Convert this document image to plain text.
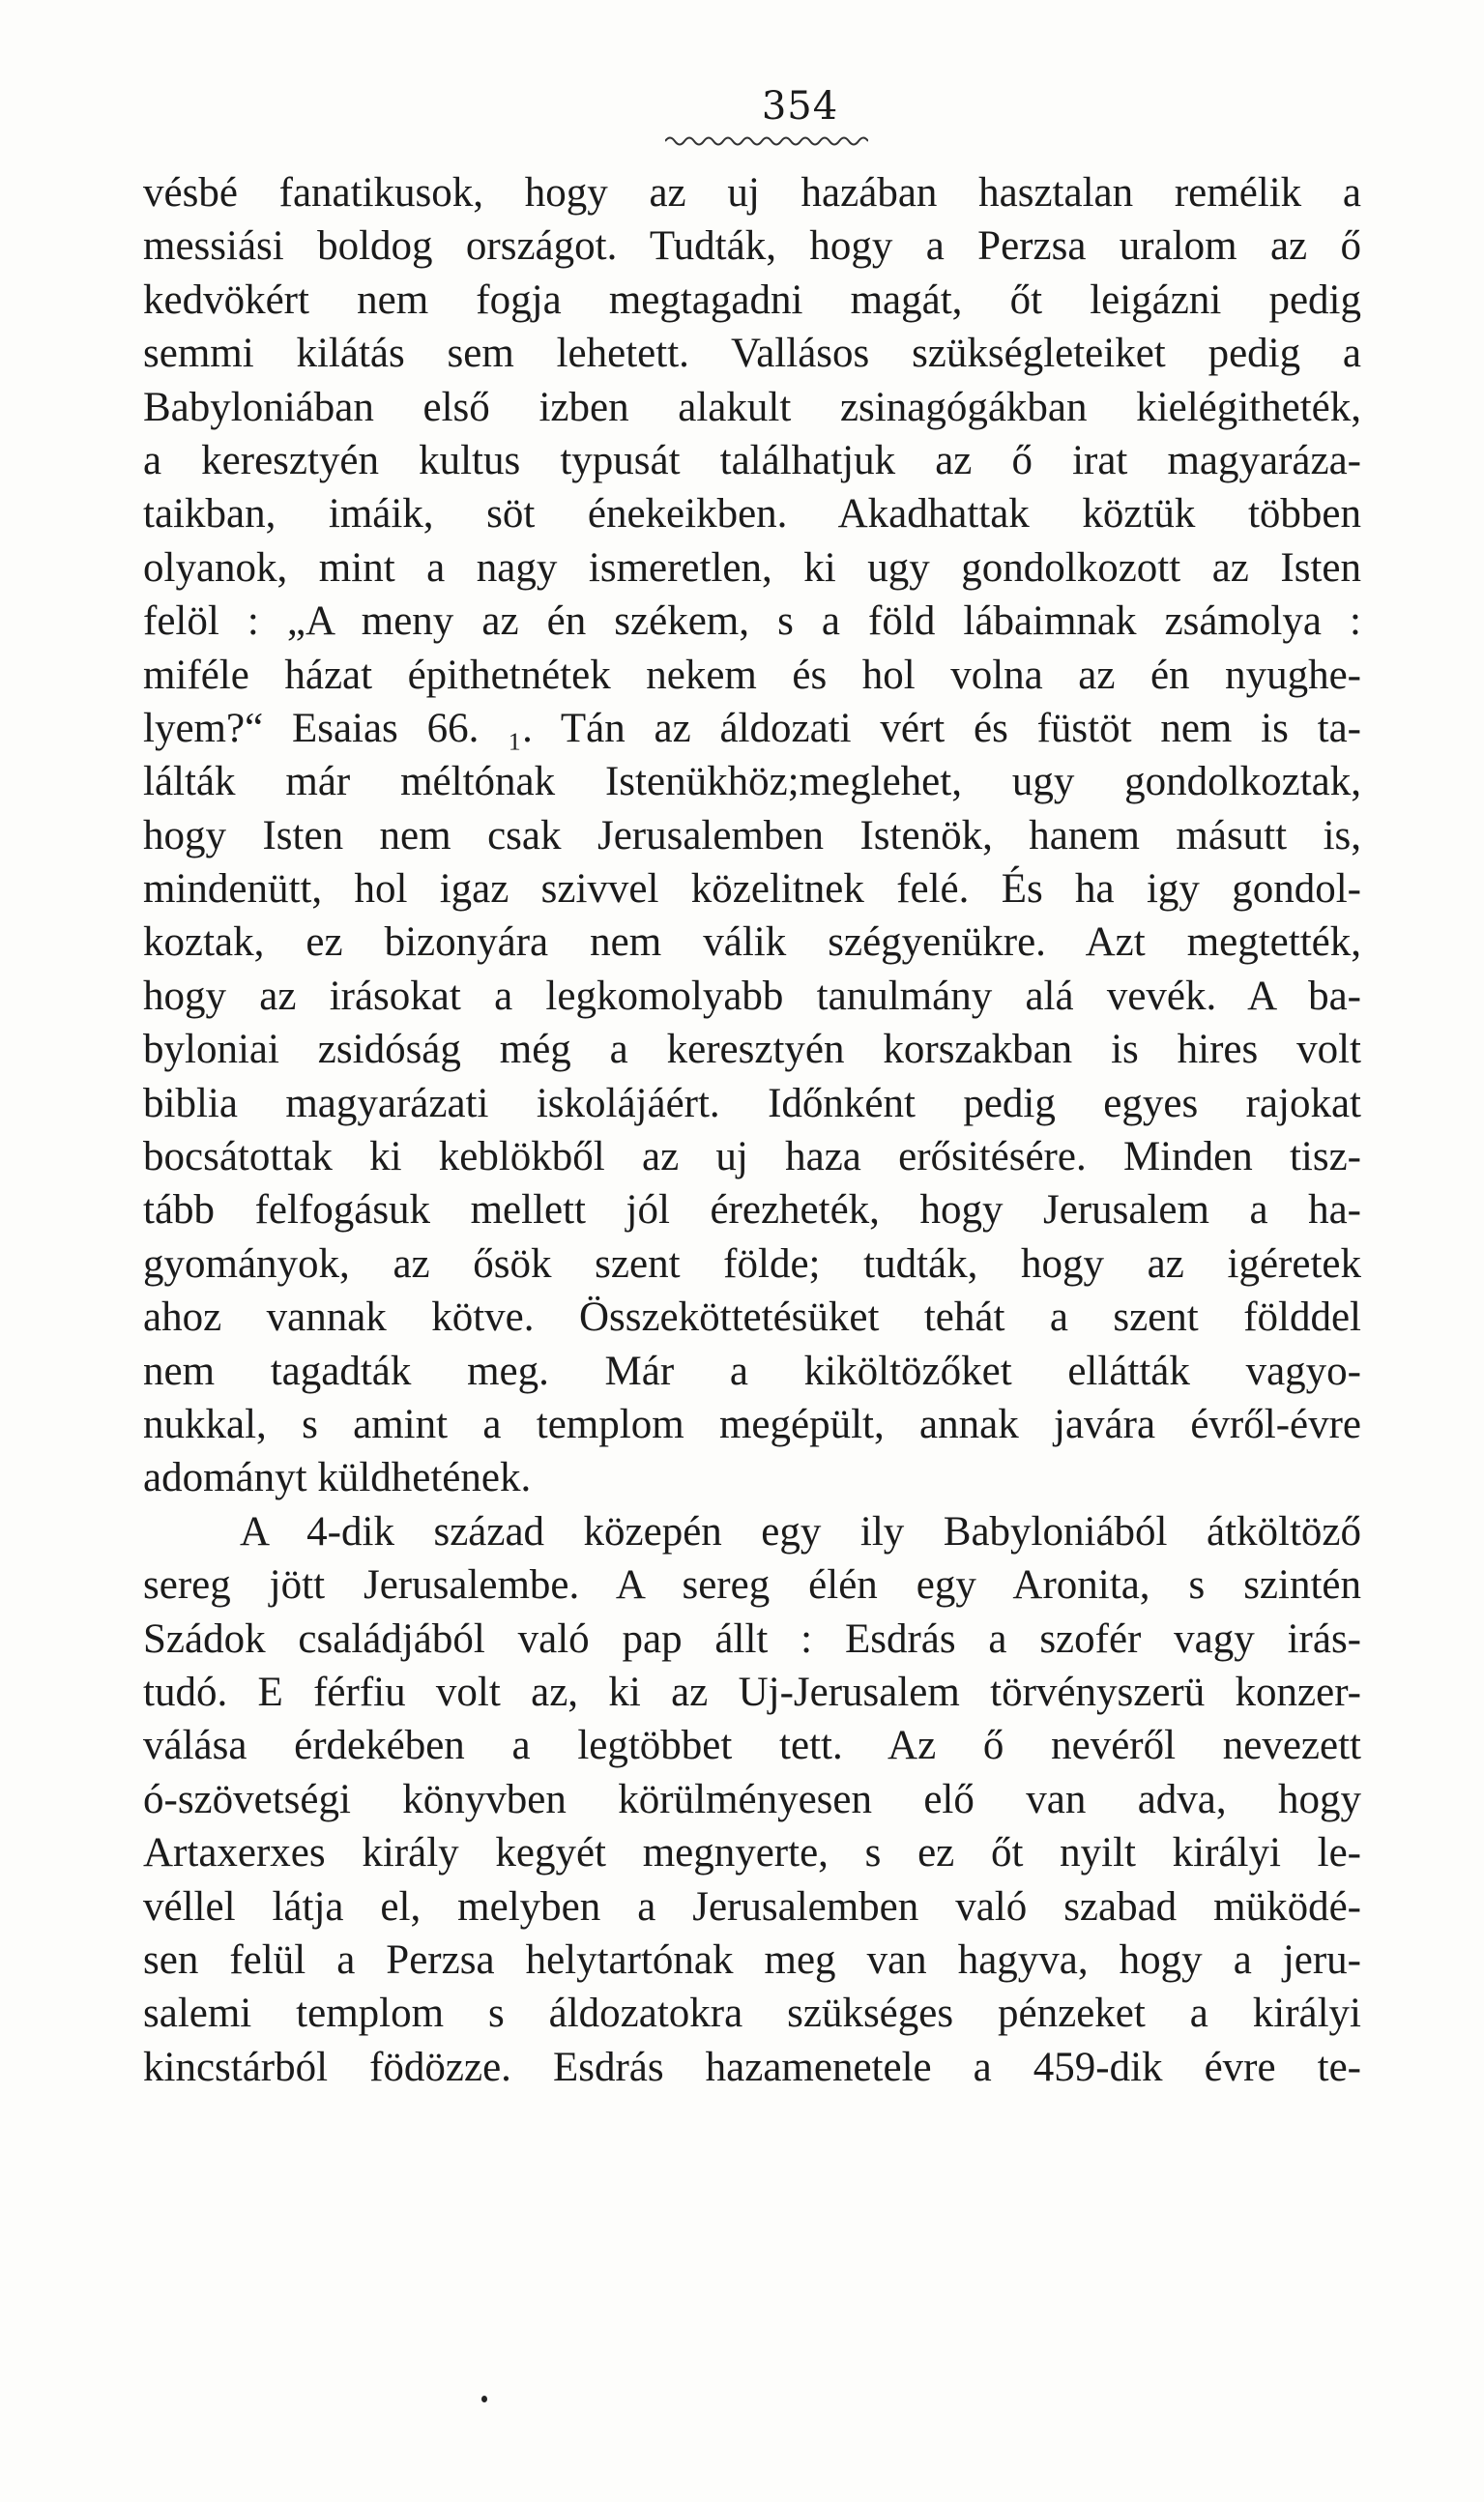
354
vésbé fanatikusok, hogy az uj hazában hasztalan remélik a
messiási boldog országot. Tudták, hogy a Perzsa uralom az ő
kedvökért nem fogja megtagadni magát, őt leigázni pedig
semmi kilátás sem lehetett. Vallásos szükségleteiket pedig a
Babyloniában első izben alakult zsinagógákban kielégitheték,
a keresztyén kultus typusát találhatjuk az ő irat magyaráza-
taikban, imáik, söt énekeikben. Akadhattak köztük többen
olyanok, mint a nagy ismeretlen, ki ugy gondolkozott az Isten
felöl : „A meny az én székem, s a föld lábaimnak zsámolya :
miféle házat épithetnétek nekem és hol volna az én nyughe-
lyem?“ Esaias 66. ₁. Tán az áldozati vért és füstöt nem is ta-
lálták már méltónak Istenükhöz;meglehet, ugy gondolkoztak,
hogy Isten nem csak Jerusalemben Istenök, hanem másutt is,
mindenütt, hol igaz szivvel közelitnek felé. És ha igy gondol-
koztak, ez bizonyára nem válik szégyenükre. Azt megtették,
hogy az irásokat a legkomolyabb tanulmány alá vevék. A ba-
byloniai zsidóság még a keresztyén korszakban is hires volt
biblia magyarázati iskolájáért. Időnként pedig egyes rajokat
bocsátottak ki keblökből az uj haza erősitésére. Minden tisz-
tább felfogásuk mellett jól érezheték, hogy Jerusalem a ha-
gyományok, az ősök szent földe; tudták, hogy az igéretek
ahoz vannak kötve. Összeköttetésüket tehát a szent földdel
nem tagadták meg. Már a kiköltözőket ellátták vagyo-
nukkal, s amint a templom megépült, annak javára évről-évre
adományt küldhetének.
A 4-dik század közepén egy ily Babyloniából átköltöző
sereg jött Jerusalembe. A sereg élén egy Aronita, s szintén
Szádok családjából való pap állt : Esdrás a szofér vagy irás-
tudó. E férfiu volt az, ki az Uj-Jerusalem törvényszerü konzer-
válása érdekében a legtöbbet tett. Az ő nevéről nevezett
ó-szövetségi könyvben körülményesen elő van adva, hogy
Artaxerxes király kegyét megnyerte, s ez őt nyilt királyi le-
véllel látja el, melyben a Jerusalemben való szabad müködé-
sen felül a Perzsa helytartónak meg van hagyva, hogy a jeru-
salemi templom s áldozatokra szükséges pénzeket a királyi
kincstárból födözze. Esdrás hazamenetele a 459-dik évre te-
